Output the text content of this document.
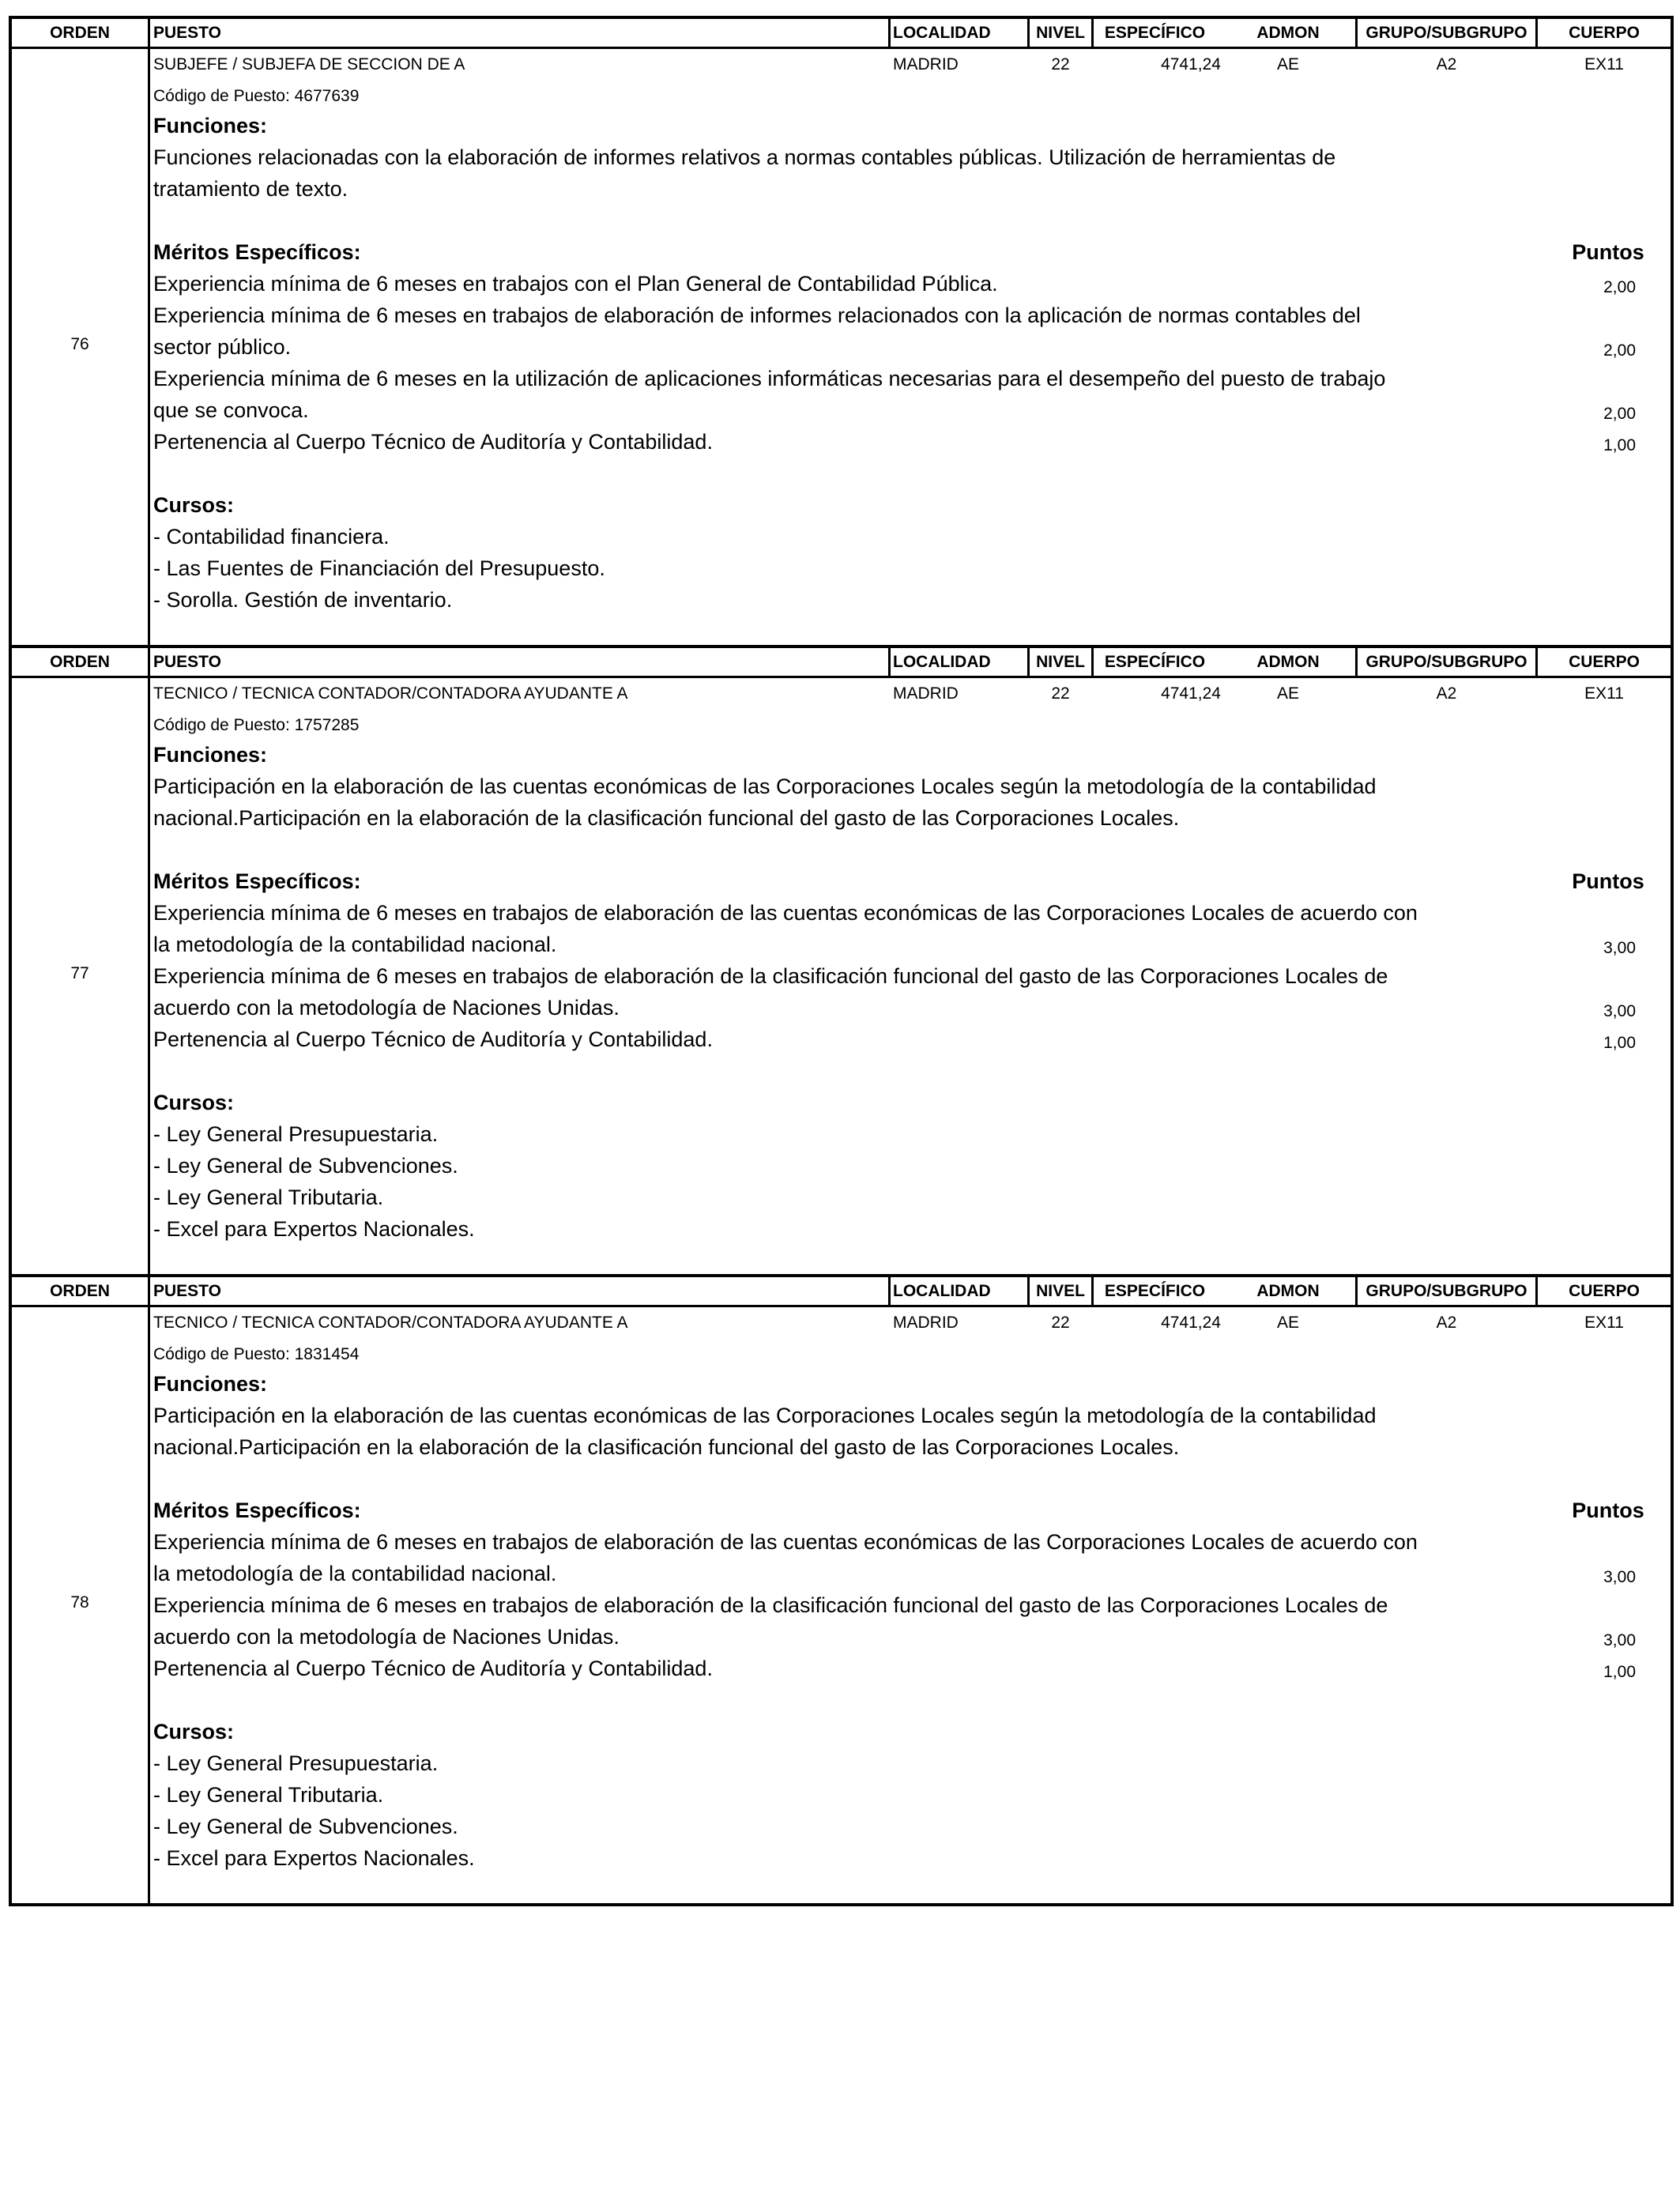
ORDEN	PUESTO	LOCALIDAD	NIVEL	ESPECÍFICO	ADMON	GRUPO/SUBGRUPO	CUERPO
76
SUBJEFE / SUBJEFA DE SECCION DE A	MADRID	22	4741,24	AE	A2	EX11
Código de Puesto: 4677639
Funciones:
Funciones relacionadas con la elaboración de informes relativos a normas contables públicas. Utilización de herramientas de
tratamiento de texto.
Méritos Específicos:	Puntos
Experiencia mínima de 6 meses en trabajos con el Plan General de Contabilidad Pública.	2,00
Experiencia mínima de 6 meses en trabajos de elaboración de informes relacionados con la aplicación de normas contables del
sector público.	2,00
Experiencia mínima de 6 meses en la utilización de aplicaciones informáticas necesarias para el desempeño del puesto de trabajo
que se convoca.	2,00
Pertenencia al Cuerpo Técnico de Auditoría y Contabilidad.	1,00
Cursos:
- Contabilidad financiera.
- Las Fuentes de Financiación del Presupuesto.
- Sorolla. Gestión de inventario.
ORDEN	PUESTO	LOCALIDAD	NIVEL	ESPECÍFICO	ADMON	GRUPO/SUBGRUPO	CUERPO
77
TECNICO / TECNICA CONTADOR/CONTADORA AYUDANTE A	MADRID	22	4741,24	AE	A2	EX11
Código de Puesto: 1757285
Funciones:
Participación en la elaboración de las cuentas económicas de las Corporaciones Locales según la metodología de la contabilidad
nacional.Participación en la elaboración de la clasificación funcional del gasto de las Corporaciones Locales.
Méritos Específicos:	Puntos
Experiencia mínima de 6 meses en trabajos de elaboración de las cuentas económicas de las Corporaciones Locales de acuerdo con
la metodología de la contabilidad nacional.	3,00
Experiencia mínima de 6 meses en trabajos de elaboración de la clasificación funcional del gasto de las Corporaciones Locales de
acuerdo con la metodología de Naciones Unidas.	3,00
Pertenencia al Cuerpo Técnico de Auditoría y Contabilidad.	1,00
Cursos:
- Ley General Presupuestaria.
- Ley General de Subvenciones.
- Ley General Tributaria.
- Excel para Expertos Nacionales.
ORDEN	PUESTO	LOCALIDAD	NIVEL	ESPECÍFICO	ADMON	GRUPO/SUBGRUPO	CUERPO
78
TECNICO / TECNICA CONTADOR/CONTADORA AYUDANTE A	MADRID	22	4741,24	AE	A2	EX11
Código de Puesto: 1831454
Funciones:
Participación en la elaboración de las cuentas económicas de las Corporaciones Locales según la metodología de la contabilidad
nacional.Participación en la elaboración de la clasificación funcional del gasto de las Corporaciones Locales.
Méritos Específicos:	Puntos
Experiencia mínima de 6 meses en trabajos de elaboración de las cuentas económicas de las Corporaciones Locales de acuerdo con
la metodología de la contabilidad nacional.	3,00
Experiencia mínima de 6 meses en trabajos de elaboración de la clasificación funcional del gasto de las Corporaciones Locales de
acuerdo con la metodología de Naciones Unidas.	3,00
Pertenencia al Cuerpo Técnico de Auditoría y Contabilidad.	1,00
Cursos:
- Ley General Presupuestaria.
- Ley General Tributaria.
- Ley General de Subvenciones.
- Excel para Expertos Nacionales.
